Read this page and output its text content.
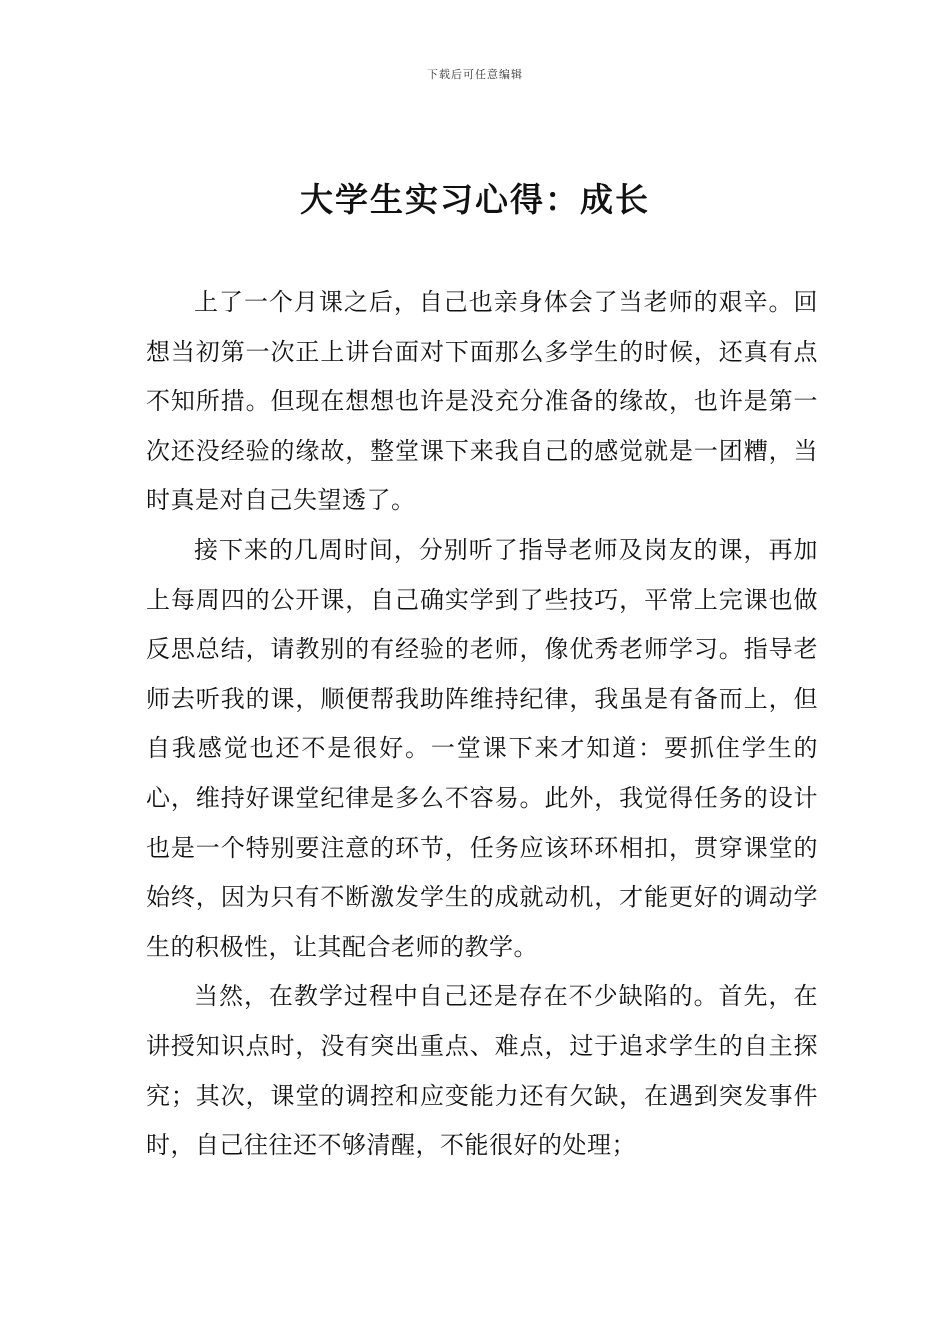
下载后可任意编辑
大学生实习心得：成长

上了一个月课之后，自己也亲身体会了当老师的艰辛。回想当初第一次正上讲台面对下面那么多学生的时候，还真有点不知所措。但现在想想也许是没充分准备的缘故，也许是第一次还没经验的缘故，整堂课下来我自己的感觉就是一团糟，当时真是对自己失望透了。

接下来的几周时间，分别听了指导老师及岗友的课，再加上每周四的公开课，自己确实学到了些技巧，平常上完课也做反思总结，请教别的有经验的老师，像优秀老师学习。指导老师去听我的课，顺便帮我助阵维持纪律，我虽是有备而上，但自我感觉也还不是很好。一堂课下来才知道：要抓住学生的心，维持好课堂纪律是多么不容易。此外，我觉得任务的设计也是一个特别要注意的环节，任务应该环环相扣，贯穿课堂的始终，因为只有不断激发学生的成就动机，才能更好的调动学生的积极性，让其配合老师的教学。

当然，在教学过程中自己还是存在不少缺陷的。首先，在讲授知识点时，没有突出重点、难点，过于追求学生的自主探究；其次，课堂的调控和应变能力还有欠缺，在遇到突发事件时，自己往往还不够清醒，不能很好的处理；
